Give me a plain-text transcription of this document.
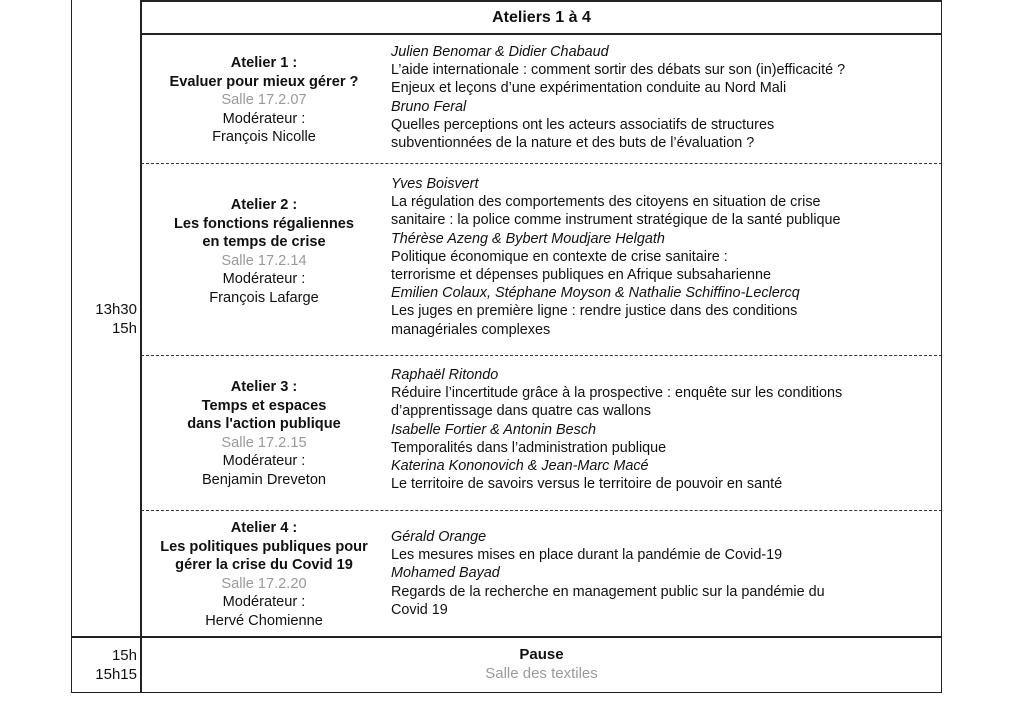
Ateliers 1 à 4
13h30
15h
Atelier 1 :
Evaluer pour mieux gérer ?
Salle 17.2.07
Modérateur :
François Nicolle
Julien Benomar & Didier Chabaud
L’aide internationale : comment sortir des débats sur son (in)efficacité ?
Enjeux et leçons d’une expérimentation conduite au Nord Mali
Bruno Feral
Quelles perceptions ont les acteurs associatifs de structures
subventionnées de la nature et des buts de l’évaluation ?
Atelier 2 :
Les fonctions régaliennes
en temps de crise
Salle 17.2.14
Modérateur :
François Lafarge
Yves Boisvert
La régulation des comportements des citoyens en situation de crise
sanitaire : la police comme instrument stratégique de la santé publique
Thérèse Azeng & Bybert Moudjare Helgath
Politique économique en contexte de crise sanitaire :
terrorisme et dépenses publiques en Afrique subsaharienne
Emilien Colaux, Stéphane Moyson & Nathalie Schiffino-Leclercq
Les juges en première ligne : rendre justice dans des conditions
managériales complexes
Atelier 3 :
Temps et espaces
dans l'action publique
Salle 17.2.15
Modérateur :
Benjamin Dreveton
Raphaël Ritondo
Réduire l’incertitude grâce à la prospective : enquête sur les conditions
d’apprentissage dans quatre cas wallons
Isabelle Fortier & Antonin Besch
Temporalités dans l’administration publique
Katerina Kononovich & Jean-Marc Macé
Le territoire de savoirs versus le territoire de pouvoir en santé
Atelier 4 :
Les politiques publiques pour
gérer la crise du Covid 19
Salle 17.2.20
Modérateur :
Hervé Chomienne
Gérald Orange
Les mesures mises en place durant la pandémie de Covid-19
Mohamed Bayad
Regards de la recherche en management public sur la pandémie du
Covid 19
15h
15h15
Pause
Salle des textiles
